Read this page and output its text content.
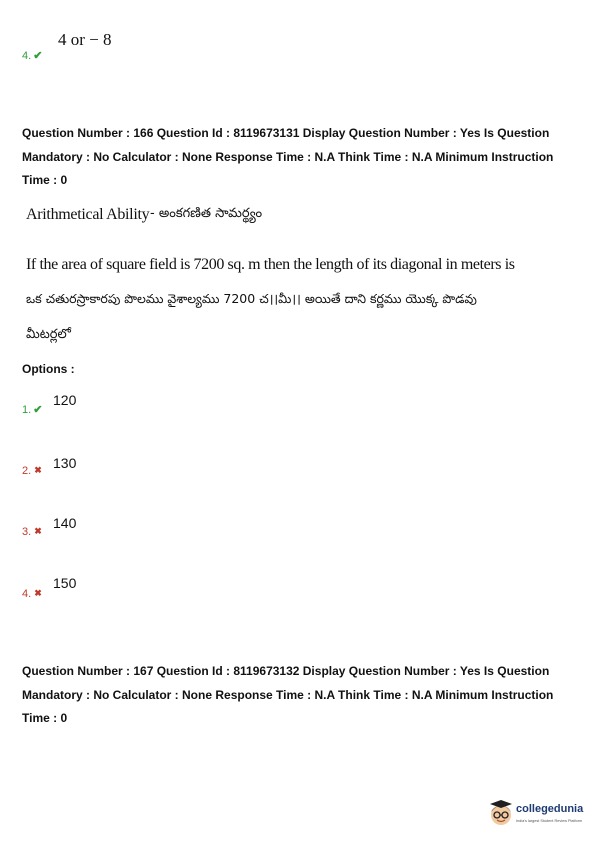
4. ✔
4 or − 8
Question Number : 166 Question Id : 8119673131 Display Question Number : Yes Is Question
Mandatory : No Calculator : None Response Time : N.A Think Time : N.A Minimum Instruction
Time : 0
Arithmetical Ability - అంకగణిత సామర్థ్యం
If the area of square field is 7200 sq. m then the length of its diagonal in meters is
ఒక చతురస్రాకారపు పొలము వైశాల్యము 7200 చ।।మీ।। అయితే దాని కర్ణము యొక్క పొడవు
మీటర్లలో
Options :
1. ✔
120
2. ✖ 130
3. ✖ 140
4. ✖
150
Question Number : 167 Question Id : 8119673132 Display Question Number : Yes Is Question
Mandatory : No Calculator : None Response Time : N.A Think Time : N.A Minimum Instruction
Time : 0
collegedunia
India's largest Student Review Platform
